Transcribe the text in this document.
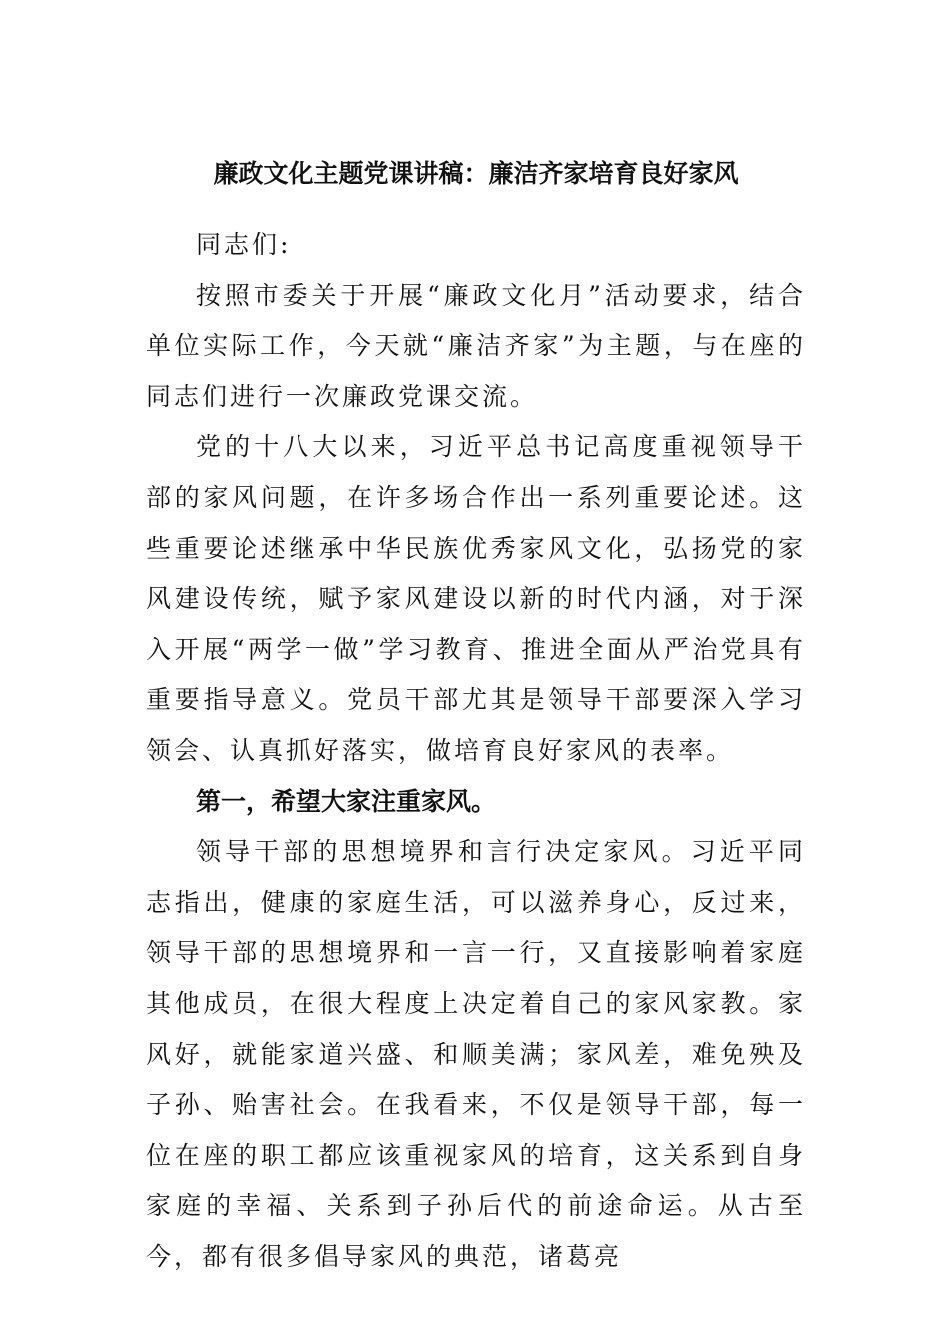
廉政文化主题党课讲稿：廉洁齐家培育良好家风

同志们:

按照市委关于开展“廉政文化月”活动要求，结合单位实际工作，今天就“廉洁齐家”为主题，与在座的同志们进行一次廉政党课交流。

党的十八大以来，习近平总书记高度重视领导干部的家风问题，在许多场合作出一系列重要论述。这些重要论述继承中华民族优秀家风文化，弘扬党的家风建设传统，赋予家风建设以新的时代内涵，对于深入开展“两学一做”学习教育、推进全面从严治党具有重要指导意义。党员干部尤其是领导干部要深入学习领会、认真抓好落实，做培育良好家风的表率。

第一，希望大家注重家风。

领导干部的思想境界和言行决定家风。习近平同志指出，健康的家庭生活，可以滋养身心，反过来，领导干部的思想境界和一言一行，又直接影响着家庭其他成员，在很大程度上决定着自己的家风家教。家风好，就能家道兴盛、和顺美满；家风差，难免殃及子孙、贻害社会。在我看来，不仅是领导干部，每一位在座的职工都应该重视家风的培育，这关系到自身家庭的幸福、关系到子孙后代的前途命运。从古至今，都有很多倡导家风的典范，诸葛亮
